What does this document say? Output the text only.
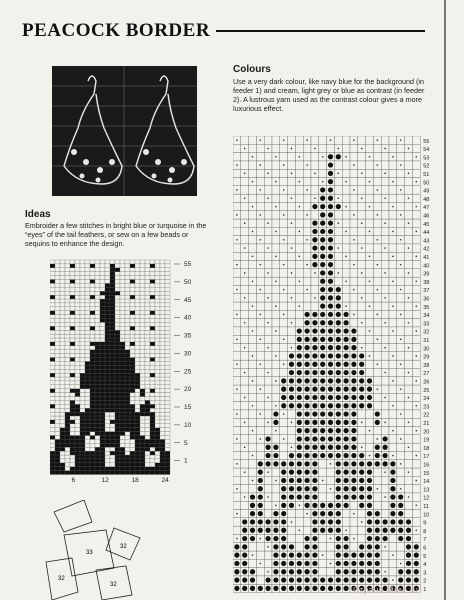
PEACOCK BORDER
Ideas
Embroider a few stitches in bright blue or turquoise in the “eyes” of the tail feathers, or sew on a few beads or sequins to enhance the design.
Colours
Use a very dark colour, like navy blue for the background (in feeder 1) and cream, light grey or blue as contrast (in feeder 2). A lustrous yarn used as the contrast colour gives a more luxurious effect.
55
50
45
40
35
30
25
20
15
10
5
1
6	12	18	24
55
54
53
52
51
50
49
48
47
46
45
44
43
42
41
40
39
38
37
36
35
34
33
32
31
30
29
28
27
26
25
24
23
22
21
20
19
18
17
16
15
14
13
12
11
10
9
8
7
6
5
4
3
2
1
33
32
32
32
Страна Мам .ru
